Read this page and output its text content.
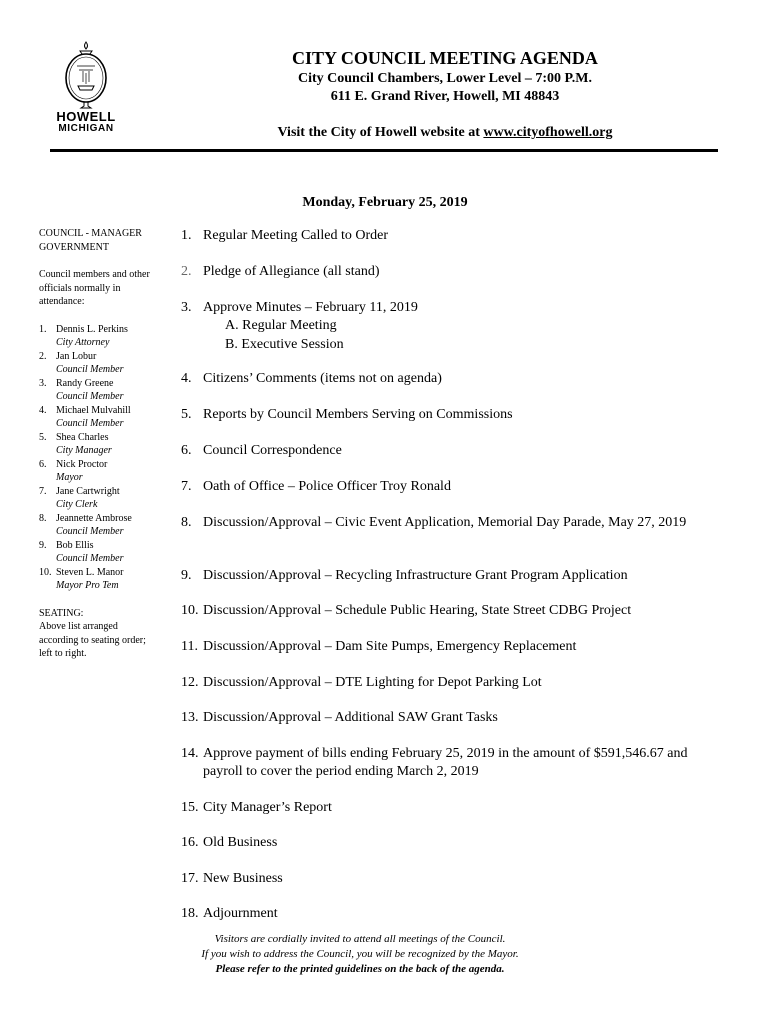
HOWELL
MICHIGAN
CITY COUNCIL MEETING AGENDA
City Council Chambers, Lower Level – 7:00 P.M.
611 E. Grand River, Howell, MI 48843
Visit the City of Howell website at www.cityofhowell.org
Monday, February 25, 2019

COUNCIL - MANAGER GOVERNMENT

Council members and other officials normally in attendance:

1. Dennis L. Perkins
City Attorney
2. Jan Lobur
Council Member
3. Randy Greene
Council Member
4. Michael Mulvahill
Council Member
5. Shea Charles
City Manager
6. Nick Proctor
Mayor
7. Jane Cartwright
City Clerk
8. Jeannette Ambrose
Council Member
9. Bob Ellis
Council Member
10. Steven L. Manor
Mayor Pro Tem

SEATING:

Above list arranged according to seating order; left to right.

1. Regular Meeting Called to Order
2. Pledge of Allegiance (all stand)
3. Approve Minutes – February 11, 2019
A. Regular Meeting
B. Executive Session
4. Citizens’ Comments (items not on agenda)
5. Reports by Council Members Serving on Commissions
6. Council Correspondence
7. Oath of Office – Police Officer Troy Ronald
8. Discussion/Approval – Civic Event Application, Memorial Day Parade, May 27, 2019
9. Discussion/Approval – Recycling Infrastructure Grant Program Application
10. Discussion/Approval – Schedule Public Hearing, State Street CDBG Project
11. Discussion/Approval – Dam Site Pumps, Emergency Replacement
12. Discussion/Approval – DTE Lighting for Depot Parking Lot
13. Discussion/Approval – Additional SAW Grant Tasks
14. Approve payment of bills ending February 25, 2019 in the amount of $591,546.67 and payroll to cover the period ending March 2, 2019
15. City Manager’s Report
16. Old Business
17. New Business
18. Adjournment
Visitors are cordially invited to attend all meetings of the Council.
If you wish to address the Council, you will be recognized by the Mayor.
Please refer to the printed guidelines on the back of the agenda.
